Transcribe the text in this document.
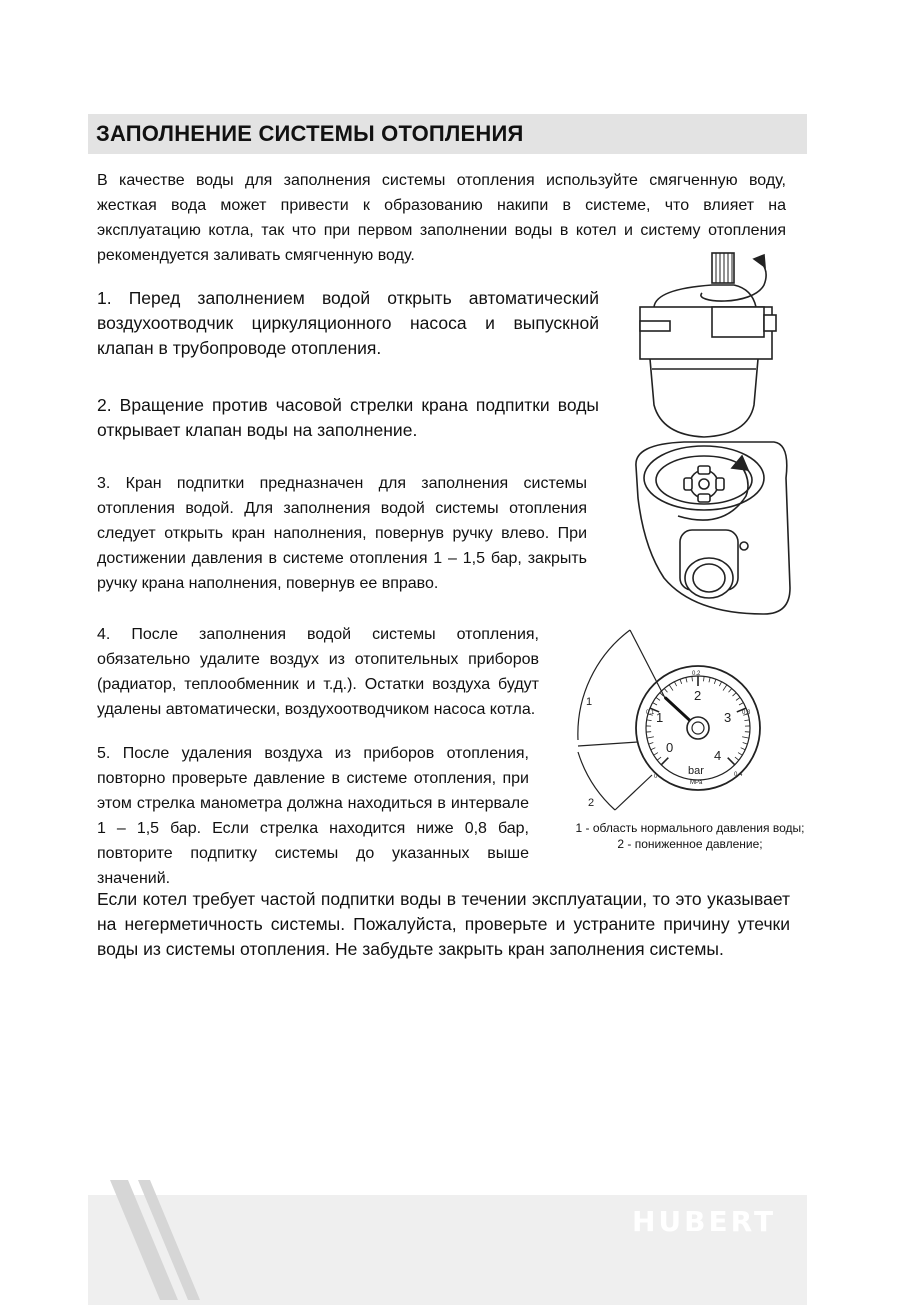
ЗАПОЛНЕНИЕ СИСТЕМЫ ОТОПЛЕНИЯ

В качестве воды для заполнения системы отопления используйте смягченную воду, жесткая вода может привести к образованию накипи в системе, что влияет на эксплуатацию котла, так что при первом заполнении воды в котел и систему отопления рекомендуется заливать смягченную воду.

1. Перед заполнением водой открыть автоматический воздухоотводчик циркуляционного насоса и выпускной клапан в трубопроводе отопления.

2. Вращение против часовой стрелки крана подпитки воды открывает клапан воды на заполнение.

3. Кран подпитки предназначен для заполнения системы отопления водой. Для заполнения водой системы отопления следует открыть кран наполнения, повернув ручку влево. При достижении давления в системе отопления 1 – 1,5 бар, закрыть ручку крана наполнения, повернув ее вправо.

4. После заполнения водой системы отопления, обязательно удалите воздух из отопительных приборов (радиатор, теплообменник и т.д.). Остатки воздуха будут удалены автоматически, воздухоотводчиком насоса котла.

5. После удаления воздуха из приборов отопления, повторно проверьте давление в системе отопления, при этом стрелка манометра должна находиться в интервале 1 – 1,5 бар. Если стрелка находится ниже 0,8 бар, повторите подпитку системы до указанных выше значений.

Если котел требует частой подпитки воды в течении эксплуатации, то это указывает на негерметичность системы. Пожалуйста, проверьте и устраните причину утечки воды из системы отопления. Не забудьте закрыть кран заполнения системы.

1
2
0
1
2
3
4
0
0.1
0.2
0.3
0.4
bar
MPa
1 - область нормального давления воды;
2 - пониженное давление;
HUBERT
